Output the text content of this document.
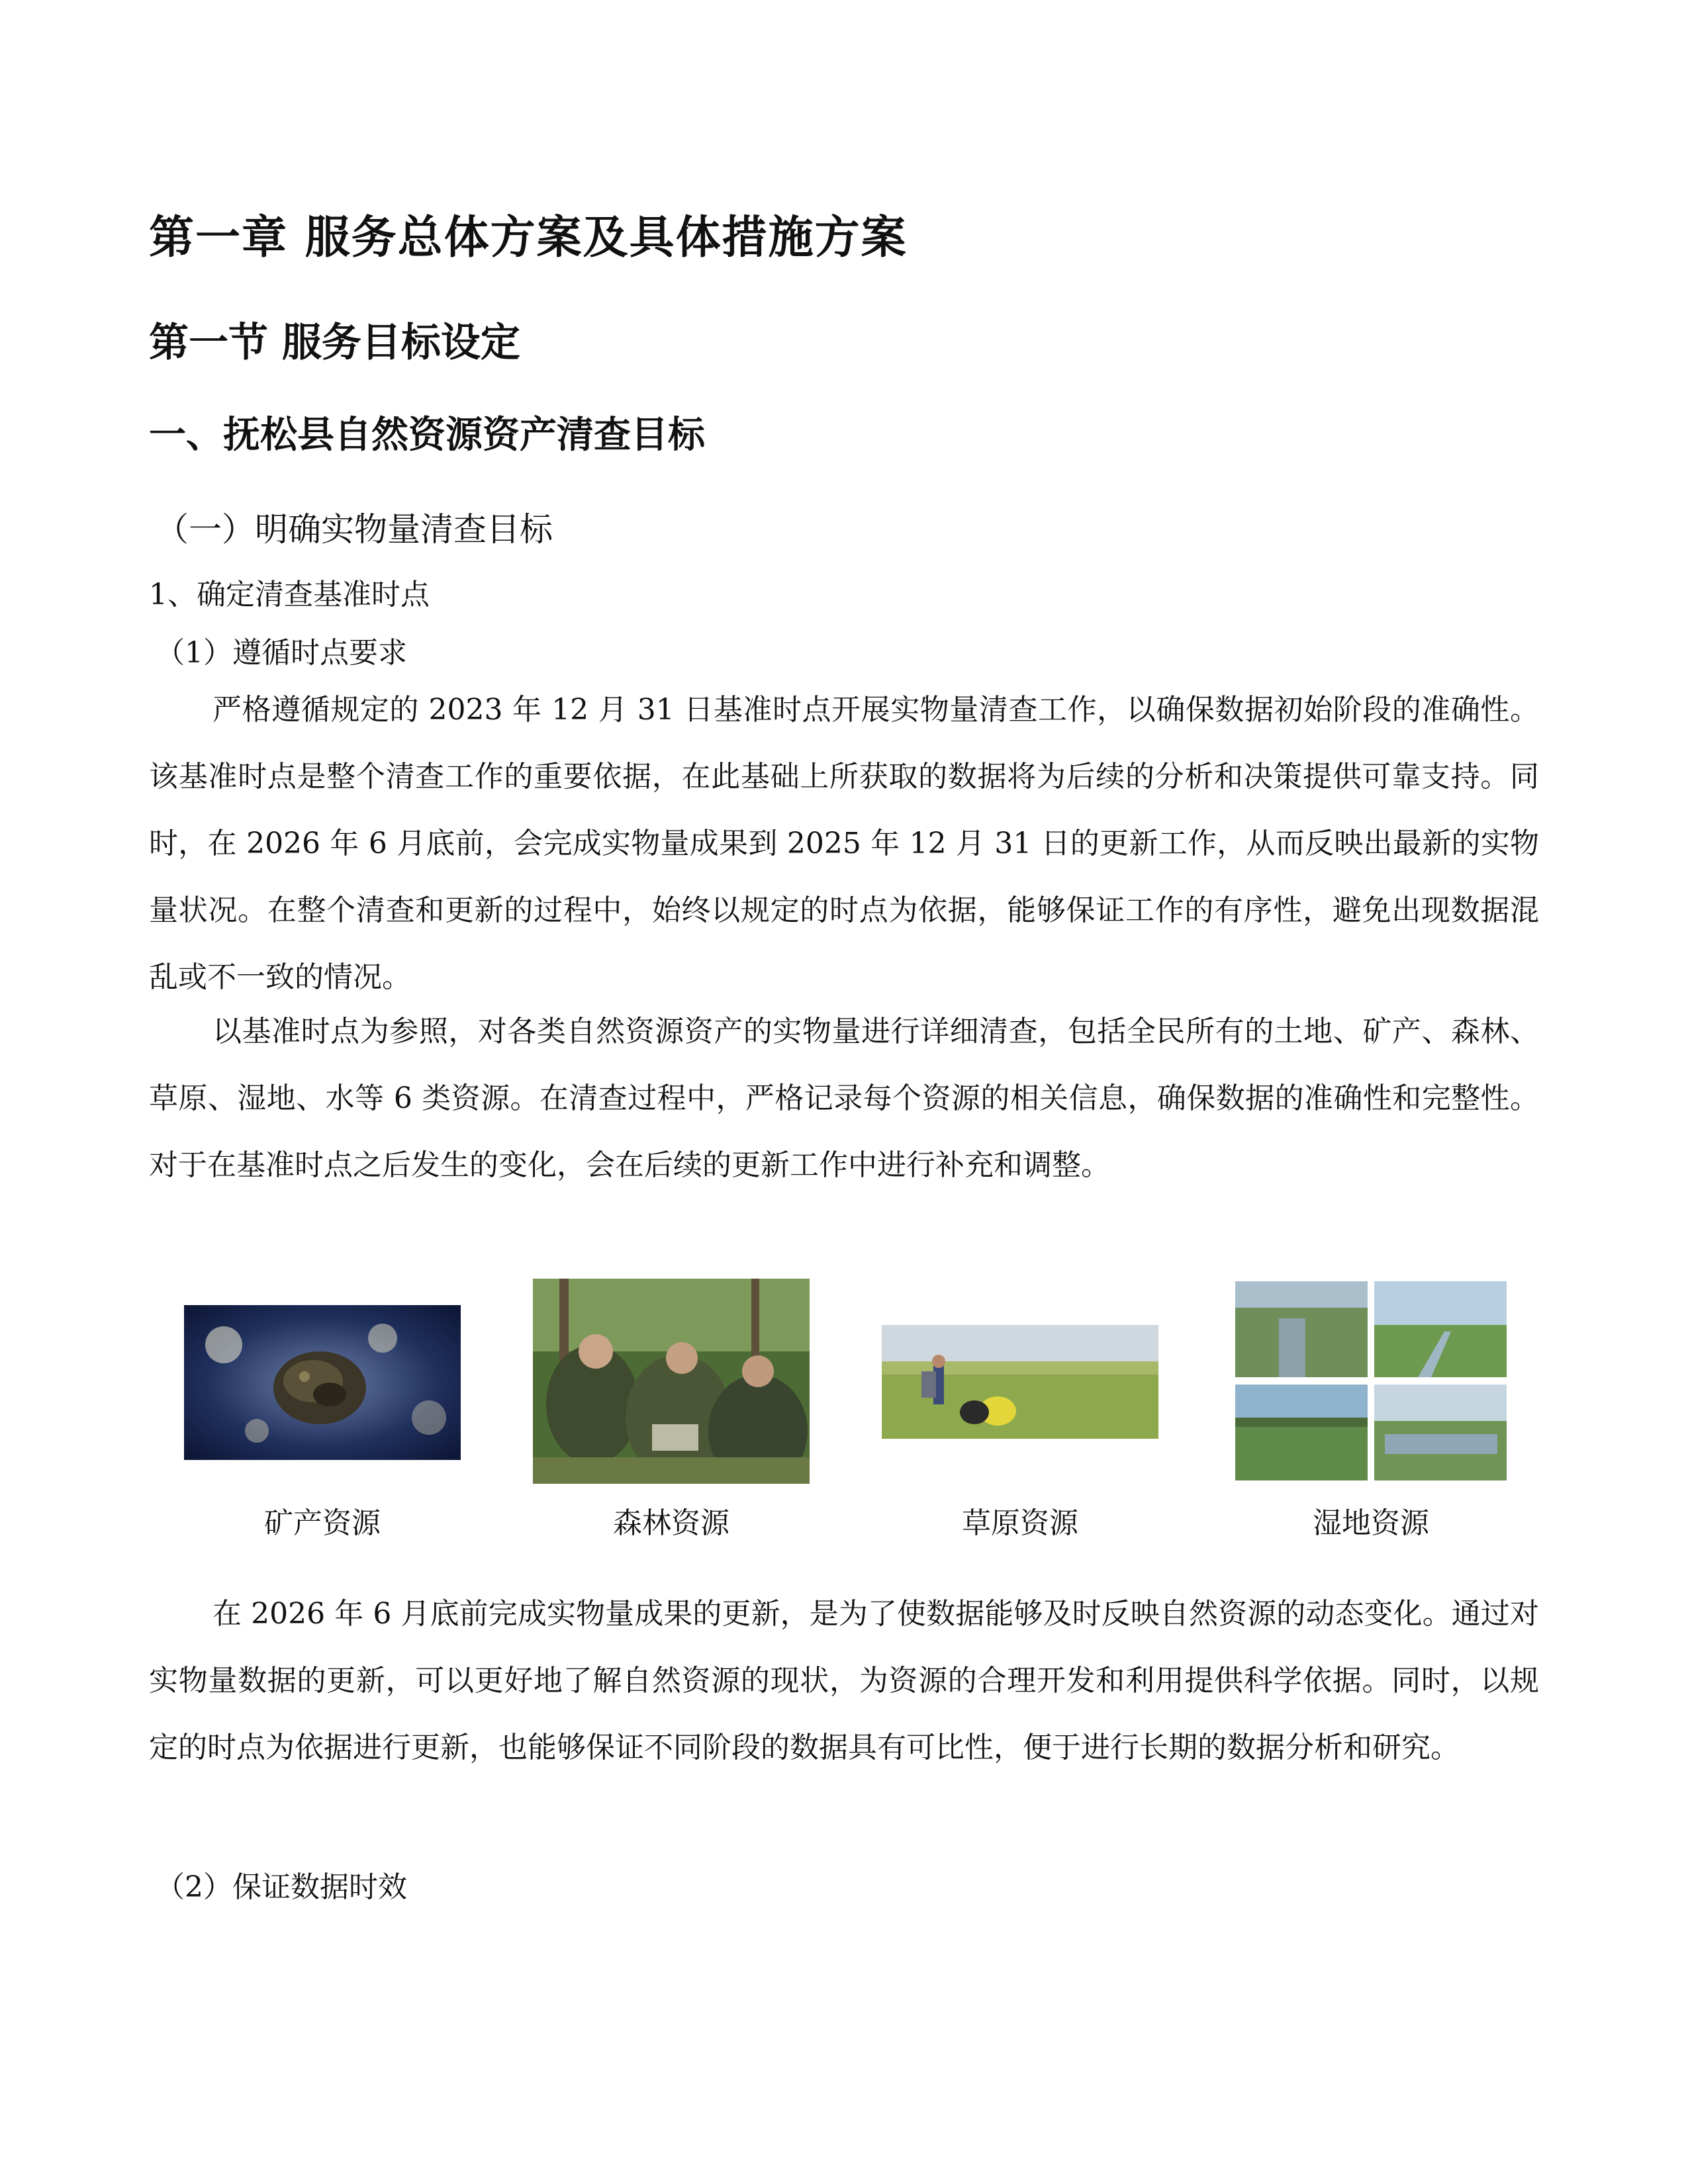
第一章 服务总体方案及具体措施方案
第一节 服务目标设定
一、抚松县自然资源资产清查目标
（一）明确实物量清查目标
1、确定清查基准时点
（1）遵循时点要求

严格遵循规定的 2023 年 12 月 31 日基准时点开展实物量清查工作，以确保数据初始阶段的准确性。该基准时点是整个清查工作的重要依据，在此基础上所获取的数据将为后续的分析和决策提供可靠支持。同时，在 2026 年 6 月底前，会完成实物量成果到 2025 年 12 月 31 日的更新工作，从而反映出最新的实物量状况。在整个清查和更新的过程中，始终以规定的时点为依据，能够保证工作的有序性，避免出现数据混乱或不一致的情况。

以基准时点为参照，对各类自然资源资产的实物量进行详细清查，包括全民所有的土地、矿产、森林、草原、湿地、水等 6 类资源。在清查过程中，严格记录每个资源的相关信息，确保数据的准确性和完整性。对于在基准时点之后发生的变化，会在后续的更新工作中进行补充和调整。

矿产资源	森林资源	草原资源	湿地资源

在 2026 年 6 月底前完成实物量成果的更新，是为了使数据能够及时反映自然资源的动态变化。通过对实物量数据的更新，可以更好地了解自然资源的现状，为资源的合理开发和利用提供科学依据。同时，以规定的时点为依据进行更新，也能够保证不同阶段的数据具有可比性，便于进行长期的数据分析和研究。

（2）保证数据时效
